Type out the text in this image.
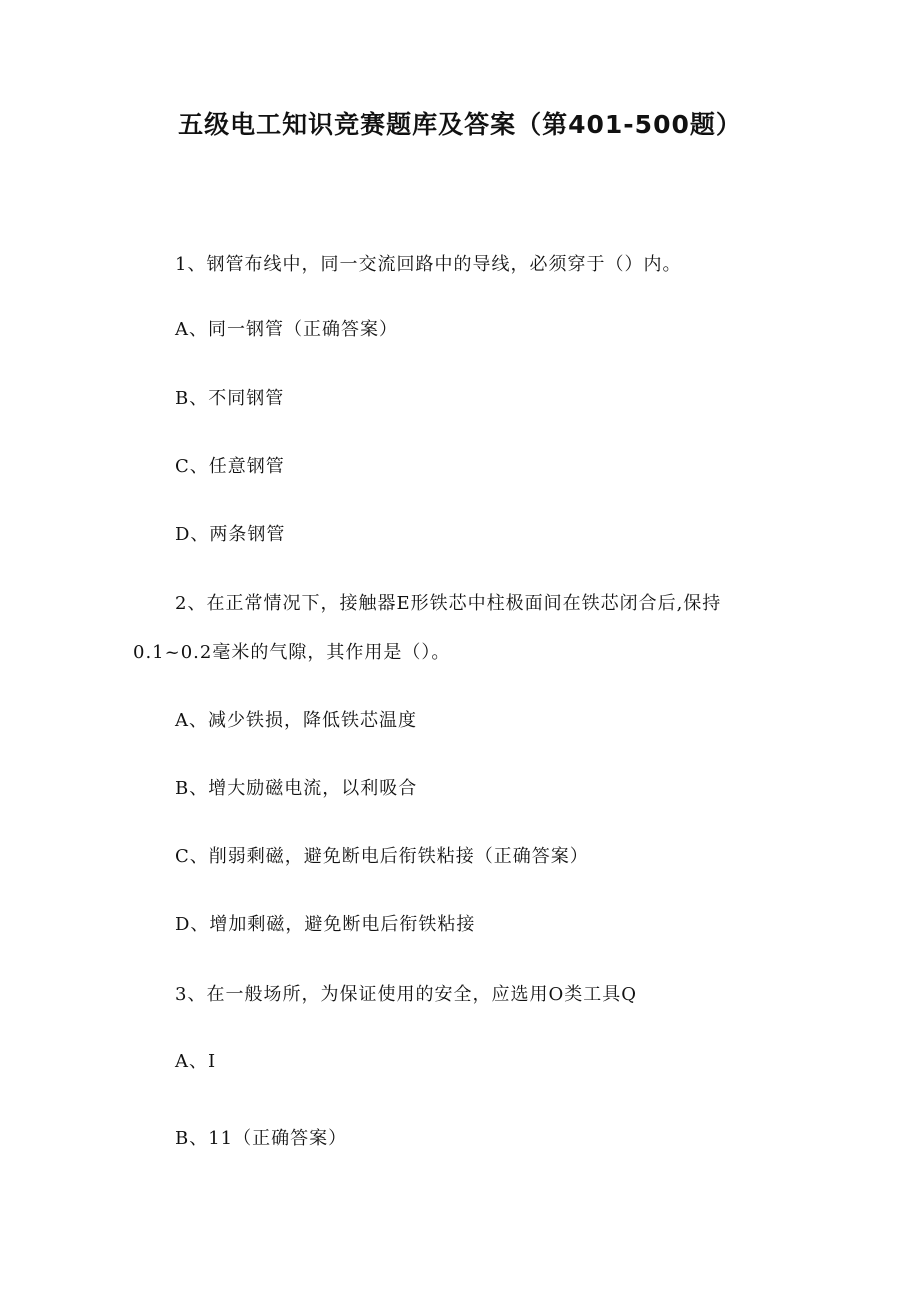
五级电工知识竞赛题库及答案（第401-500题）
1、钢管布线中，同一交流回路中的导线，必须穿于（）内。
A、同一钢管（正确答案）
B、不同钢管
C、任意钢管
D、两条钢管
2、在正常情况下，接触器E形铁芯中柱极面间在铁芯闭合后,保持
0.1~0.2毫米的气隙，其作用是（）。
A、减少铁损，降低铁芯温度
B、增大励磁电流，以利吸合
C、削弱剩磁，避免断电后衔铁粘接（正确答案）
D、增加剩磁，避免断电后衔铁粘接
3、在一般场所，为保证使用的安全，应选用O类工具Q
A、I
B、11（正确答案）
